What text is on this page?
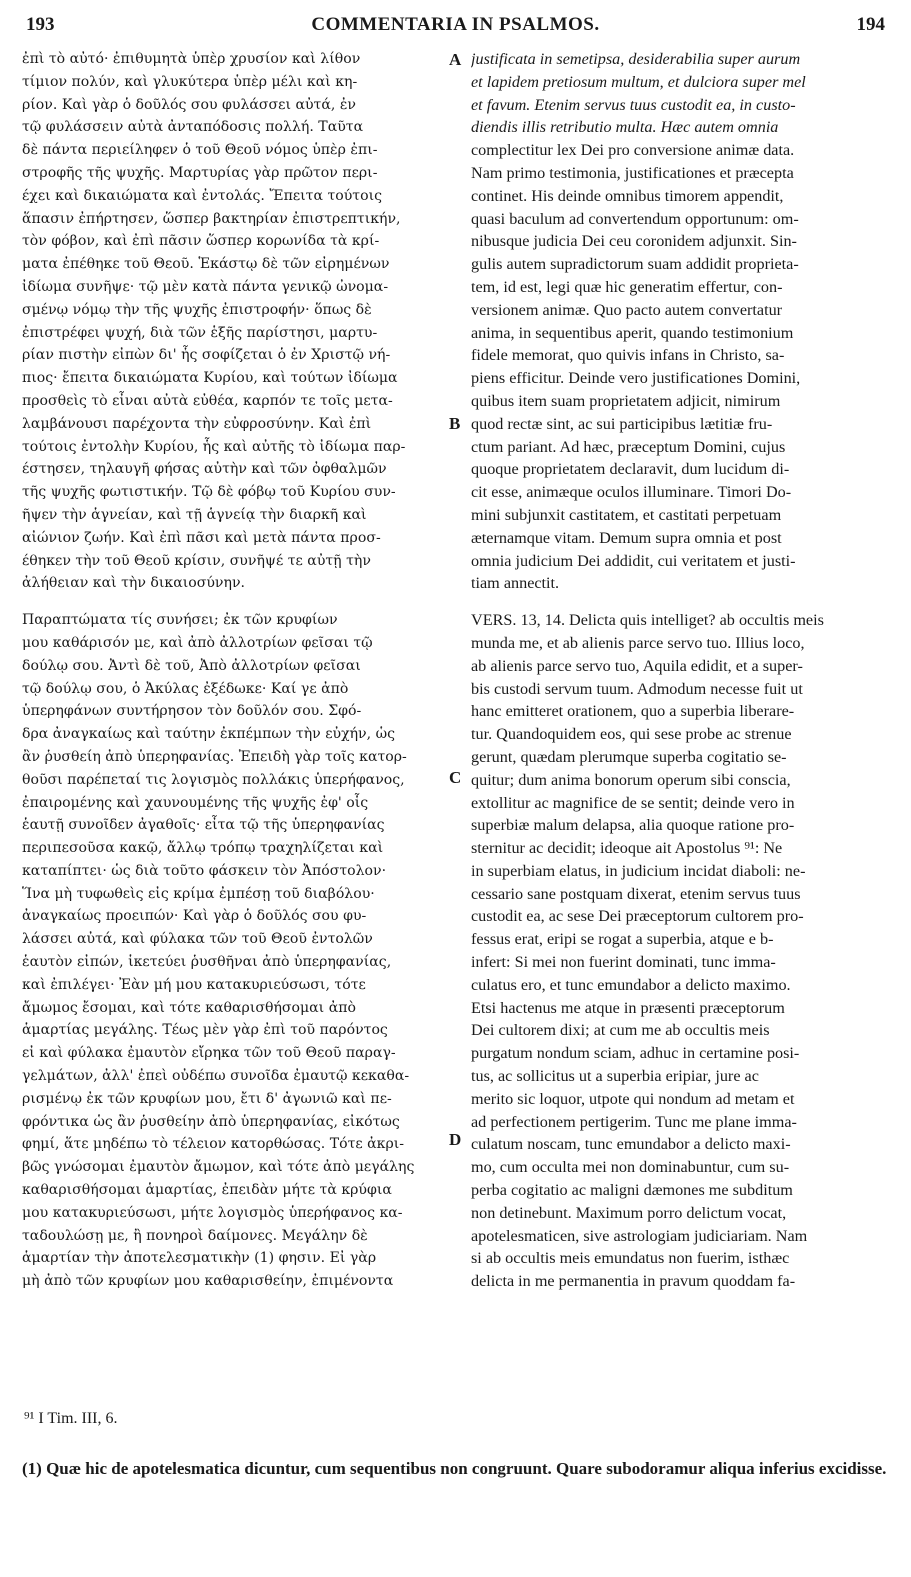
193	COMMENTARIA IN PSALMOS.	194
ἐπὶ τὸ αὐτό· ἐπιθυμητὰ ὑπὲρ χρυσίον καὶ λίθον
τίμιον πολύν, καὶ γλυκύτερα ὑπὲρ μέλι καὶ κη-
ρίον. Καὶ γὰρ ὁ δοῦλός σου φυλάσσει αὐτά, ἐν
τῷ φυλάσσειν αὐτὰ ἀνταπόδοσις πολλή. Ταῦτα
δὲ πάντα περιείληφεν ὁ τοῦ Θεοῦ νόμος ὑπὲρ ἐπι-
στροφῆς τῆς ψυχῆς. Μαρτυρίας γὰρ πρῶτον περι-
έχει καὶ δικαιώματα καὶ ἐντολάς. Ἔπειτα τούτοις
ἅπασιν ἐπήρτησεν, ὥσπερ βακτηρίαν ἐπιστρεπτικήν,
τὸν φόβον, καὶ ἐπὶ πᾶσιν ὥσπερ κορωνίδα τὰ κρί-
ματα ἐπέθηκε τοῦ Θεοῦ. Ἑκάστῳ δὲ τῶν εἰρημένων
ἰδίωμα συνῆψε· τῷ μὲν κατὰ πάντα γενικῷ ὠνομα-
σμένῳ νόμῳ τὴν τῆς ψυχῆς ἐπιστροφήν· ὅπως δὲ
ἐπιστρέφει ψυχή, διὰ τῶν ἑξῆς παρίστησι, μαρτυ-
ρίαν πιστὴν εἰπὼν δι' ἧς σοφίζεται ὁ ἐν Χριστῷ νή-
πιος· ἔπειτα δικαιώματα Κυρίου, καὶ τούτων ἰδίωμα
προσθεὶς τὸ εἶναι αὐτὰ εὐθέα, καρπόν τε τοῖς μετα-
λαμβάνουσι παρέχοντα τὴν εὐφροσύνην. Καὶ ἐπὶ
τούτοις ἐντολὴν Κυρίου, ἧς καὶ αὐτῆς τὸ ἰδίωμα παρ-
έστησεν, τηλαυγῆ φήσας αὐτὴν καὶ τῶν ὀφθαλμῶν
τῆς ψυχῆς φωτιστικήν. Τῷ δὲ φόβῳ τοῦ Κυρίου συν-
ῆψεν τὴν ἁγνείαν, καὶ τῇ ἁγνείᾳ τὴν διαρκῆ καὶ
αἰώνιον ζωήν. Καὶ ἐπὶ πᾶσι καὶ μετὰ πάντα προσ-
έθηκεν τὴν τοῦ Θεοῦ κρίσιν, συνῆψέ τε αὐτῇ τὴν
ἀλήθειαν καὶ τὴν δικαιοσύνην.
Παραπτώματα τίς συνήσει; ἐκ τῶν κρυφίων
μου καθάρισόν με, καὶ ἀπὸ ἀλλοτρίων φεῖσαι τῷ
δούλῳ σου. Ἀντὶ δὲ τοῦ, Ἀπὸ ἀλλοτρίων φεῖσαι
τῷ δούλῳ σου, ὁ Ἀκύλας ἐξέδωκε· Καί γε ἀπὸ
ὑπερηφάνων συντήρησον τὸν δοῦλόν σου. Σφό-
δρα ἀναγκαίως καὶ ταύτην ἐκπέμπων τὴν εὐχήν, ὡς
ἂν ῥυσθείη ἀπὸ ὑπερηφανίας. Ἐπειδὴ γὰρ τοῖς κατορ-
θοῦσι παρέπεταί τις λογισμὸς πολλάκις ὑπερήφανος,
ἐπαιρομένης καὶ χαυνουμένης τῆς ψυχῆς ἐφ' οἷς
ἑαυτῇ συνοῖδεν ἀγαθοῖς· εἶτα τῷ τῆς ὑπερηφανίας
περιπεσοῦσα κακῷ, ἄλλῳ τρόπῳ τραχηλίζεται καὶ
καταπίπτει· ὡς διὰ τοῦτο φάσκειν τὸν Ἀπόστολον·
Ἵνα μὴ τυφωθεὶς εἰς κρίμα ἐμπέσῃ τοῦ διαβόλου·
ἀναγκαίως προειπών· Καὶ γὰρ ὁ δοῦλός σου φυ-
λάσσει αὐτά, καὶ φύλακα τῶν τοῦ Θεοῦ ἐντολῶν
ἑαυτὸν εἰπών, ἱκετεύει ῥυσθῆναι ἀπὸ ὑπερηφανίας,
καὶ ἐπιλέγει· Ἐὰν μή μου κατακυριεύσωσι, τότε
ἄμωμος ἔσομαι, καὶ τότε καθαρισθήσομαι ἀπὸ
ἁμαρτίας μεγάλης. Τέως μὲν γὰρ ἐπὶ τοῦ παρόντος
εἰ καὶ φύλακα ἐμαυτὸν εἴρηκα τῶν τοῦ Θεοῦ παραγ-
γελμάτων, ἀλλ' ἐπεὶ οὐδέπω συνοῖδα ἐμαυτῷ κεκαθα-
ρισμένῳ ἐκ τῶν κρυφίων μου, ἔτι δ' ἀγωνιῶ καὶ πε-
φρόντικα ὡς ἂν ῥυσθείην ἀπὸ ὑπερηφανίας, εἰκότως
φημί, ἅτε μηδέπω τὸ τέλειον κατορθώσας. Τότε ἀκρι-
βῶς γνώσομαι ἐμαυτὸν ἄμωμον, καὶ τότε ἀπὸ μεγάλης
καθαρισθήσομαι ἁμαρτίας, ἐπειδὰν μήτε τὰ κρύφια
μου κατακυριεύσωσι, μήτε λογισμὸς ὑπερήφανος κα-
ταδουλώσῃ με, ἢ πονηροὶ δαίμονες. Μεγάλην δὲ
ἁμαρτίαν τὴν ἀποτελεσματικὴν (1) φησιν. Εἰ γὰρ
μὴ ἀπὸ τῶν κρυφίων μου καθαρισθείην, ἐπιμένοντα
justificata in semetipsa, desiderabilia super aurum
et lapidem pretiosum multum, et dulciora super mel
et favum. Etenim servus tuus custodit ea, in custo-
diendis illis retributio multa. Hæc autem omnia
complectitur lex Dei pro conversione animæ data.
Nam primo testimonia, justificationes et præcepta
continet. His deinde omnibus timorem appendit,
quasi baculum ad convertendum opportunum: om-
nibusque judicia Dei ceu coronidem adjunxit. Sin-
gulis autem supradictorum suam addidit proprieta-
tem, id est, legi quæ hic generatim effertur, con-
versionem animæ. Quo pacto autem convertatur
anima, in sequentibus aperit, quando testimonium
fidele memorat, quo quivis infans in Christo, sa-
piens efficitur. Deinde vero justificationes Domini,
quibus item suam proprietatem adjicit, nimirum
quod rectæ sint, ac sui participibus lætitiæ fru-
ctum pariant. Ad hæc, præceptum Domini, cujus
quoque proprietatem declaravit, dum lucidum di-
cit esse, animæque oculos illuminare. Timori Do-
mini subjunxit castitatem, et castitati perpetuam
æternamque vitam. Demum supra omnia et post
omnia judicium Dei addidit, cui veritatem et justi-
tiam annectit.
VERS. 13, 14. Delicta quis intelliget? ab occultis meis
munda me, et ab alienis parce servo tuo. Illius loco,
ab alienis parce servo tuo, Aquila edidit, et a super-
bis custodi servum tuum. Admodum necesse fuit ut
hanc emitteret orationem, quo a superbia liberare-
tur. Quandoquidem eos, qui sese probe ac strenue
gerunt, quædam plerumque superba cogitatio se-
quitur; dum anima bonorum operum sibi conscia,
extollitur ac magnifice de se sentit; deinde vero in
superbiæ malum delapsa, alia quoque ratione pro-
sternitur ac decidit; ideoque ait Apostolus ⁹¹: Ne
in superbiam elatus, in judicium incidat diaboli: ne-
cessario sane postquam dixerat, etenim servus tuus
custodit ea, ac sese Dei præceptorum cultorem pro-
fessus erat, eripi se rogat a superbia, atque e b-
infert: Si mei non fuerint dominati, tunc imma-
culatus ero, et tunc emundabor a delicto maximo.
Etsi hactenus me atque in præsenti præceptorum
Dei cultorem dixi; at cum me ab occultis meis
purgatum nondum sciam, adhuc in certamine posi-
tus, ac sollicitus ut a superbia eripiar, jure ac
merito sic loquor, utpote qui nondum ad metam et
ad perfectionem pertigerim. Tunc me plane imma-
culatum noscam, tunc emundabor a delicto maxi-
mo, cum occulta mei non dominabuntur, cum su-
perba cogitatio ac maligni dæmones me subditum
non detinebunt. Maximum porro delictum vocat,
apotelesmaticen, sive astrologiam judiciariam. Nam
si ab occultis meis emundatus non fuerim, isthæc
delicta in me permanentia in pravum quoddam fa-
A
B
C
D
⁹¹ I Tim. III, 6.
(1) Quæ hic de apotelesmatica dicuntur, cum sequentibus non congruunt. Quare subodoramur aliqua inferius excidisse.
